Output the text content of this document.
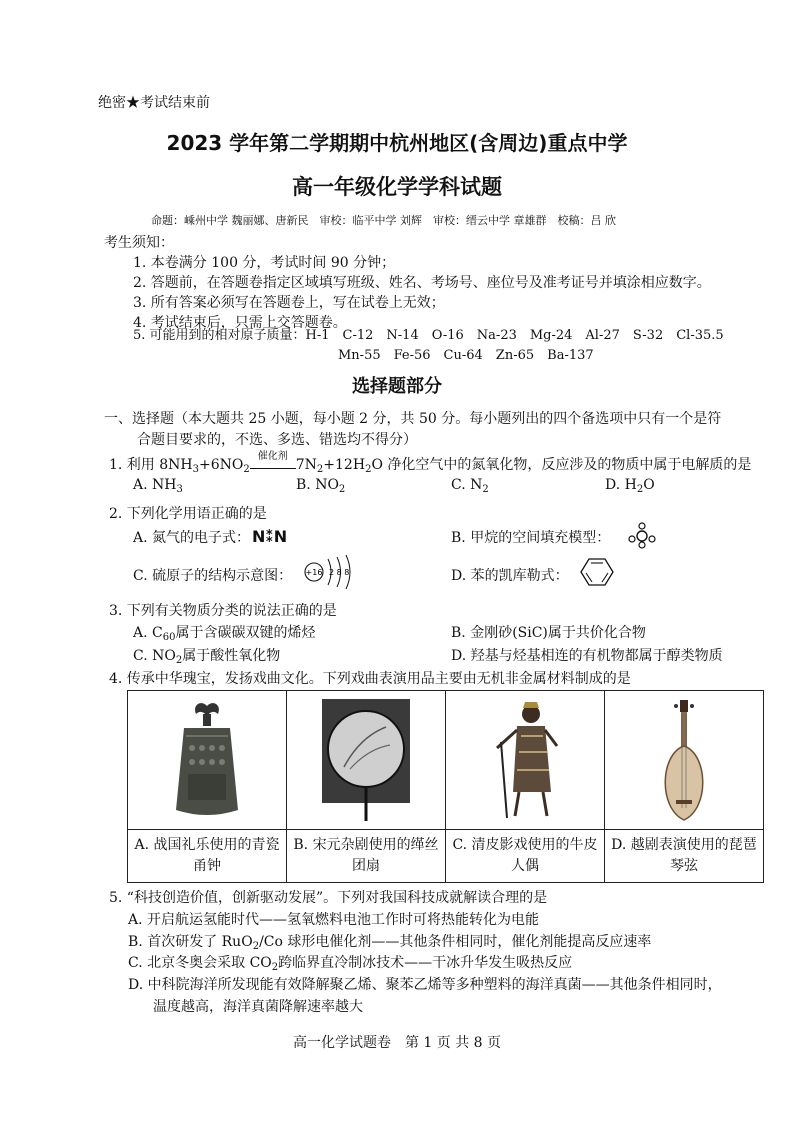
绝密★考试结束前
2023 学年第二学期期中杭州地区(含周边)重点中学
高一年级化学学科试题
命题：嵊州中学 魏丽娜、唐新民　审校：临平中学 刘辉　审校：缙云中学 章雄群　校稿：吕 欣
考生须知：
1. 本卷满分 100 分，考试时间 90 分钟；
2. 答题前，在答题卷指定区域填写班级、姓名、考场号、座位号及准考证号并填涂相应数字。
3. 所有答案必须写在答题卷上，写在试卷上无效；
4. 考试结束后，只需上交答题卷。
5. 可能用到的相对原子质量：H-1　C-12　N-14　O-16　Na-23　Mg-24　Al-27　S-32　Cl-35.5
Mn-55　Fe-56　Cu-64　Zn-65　Ba-137
选择题部分
一、选择题（本大题共 25 小题，每小题 2 分，共 50 分。每小题列出的四个备选项中只有一个是符
合题目要求的，不选、多选、错选均不得分）
1. 利用 $8NH_3+6NO_2$
催化剂
$7N_2+12H_2O$ 净化空气中的氮氧化物，反应涉及的物质中属于电解质的是
A. $NH_3$	B. $NO_2$	C. $N_2$	D. $H_2O$
2. 下列化学用语正确的是
A. 氮气的电子式： N⁑N	B. 甲烷的空间填充模型：
C. 硫原子的结构示意图： +16 2 8 8	D. 苯的凯库勒式：
3. 下列有关物质分类的说法正确的是
A. $C_{60}$属于含碳碳双键的烯烃	B. 金刚砂(SiC)属于共价化合物
C. $NO_2$属于酸性氧化物	D. 羟基与烃基相连的有机物都属于醇类物质
4. 传承中华瑰宝，发扬戏曲文化。下列戏曲表演用品主要由无机非金属材料制成的是
A. 战国礼乐使用的青瓷甬钟
B. 宋元杂剧使用的缂丝团扇
C. 清皮影戏使用的牛皮人偶
D. 越剧表演使用的琵琶琴弦
5. “科技创造价值，创新驱动发展”。下列对我国科技成就解读合理的是
A. 开启航运氢能时代——氢氧燃料电池工作时可将热能转化为电能
B. 首次研发了 RuO$_2$/Co 球形电催化剂——其他条件相同时，催化剂能提高反应速率
C. 北京冬奥会采取 $CO_2$跨临界直冷制冰技术——干冰升华发生吸热反应
D. 中科院海洋所发现能有效降解聚乙烯、聚苯乙烯等多种塑料的海洋真菌——其他条件相同时，
温度越高，海洋真菌降解速率越大
高一化学试题卷　第 1 页 共 8 页
